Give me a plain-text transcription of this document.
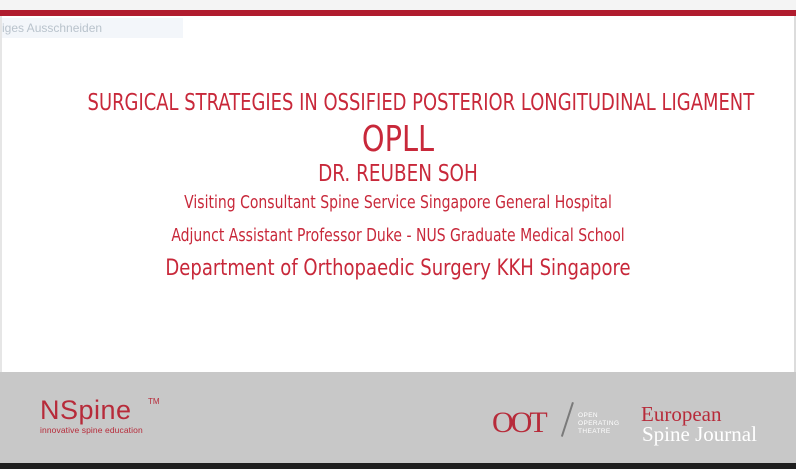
iges Ausschneiden
SURGICAL STRATEGIES IN OSSIFIED POSTERIOR LONGITUDINAL LIGAMENT
OPLL
DR. REUBEN SOH
Visiting Consultant Spine Service Singapore General Hospital
Adjunct Assistant Professor Duke - NUS Graduate Medical School
Department of Orthopaedic Surgery KKH Singapore
NSpine	TM
innovative spine education	OOT	OPEN
OPERATING
THEATRE
European
Spine Journal
